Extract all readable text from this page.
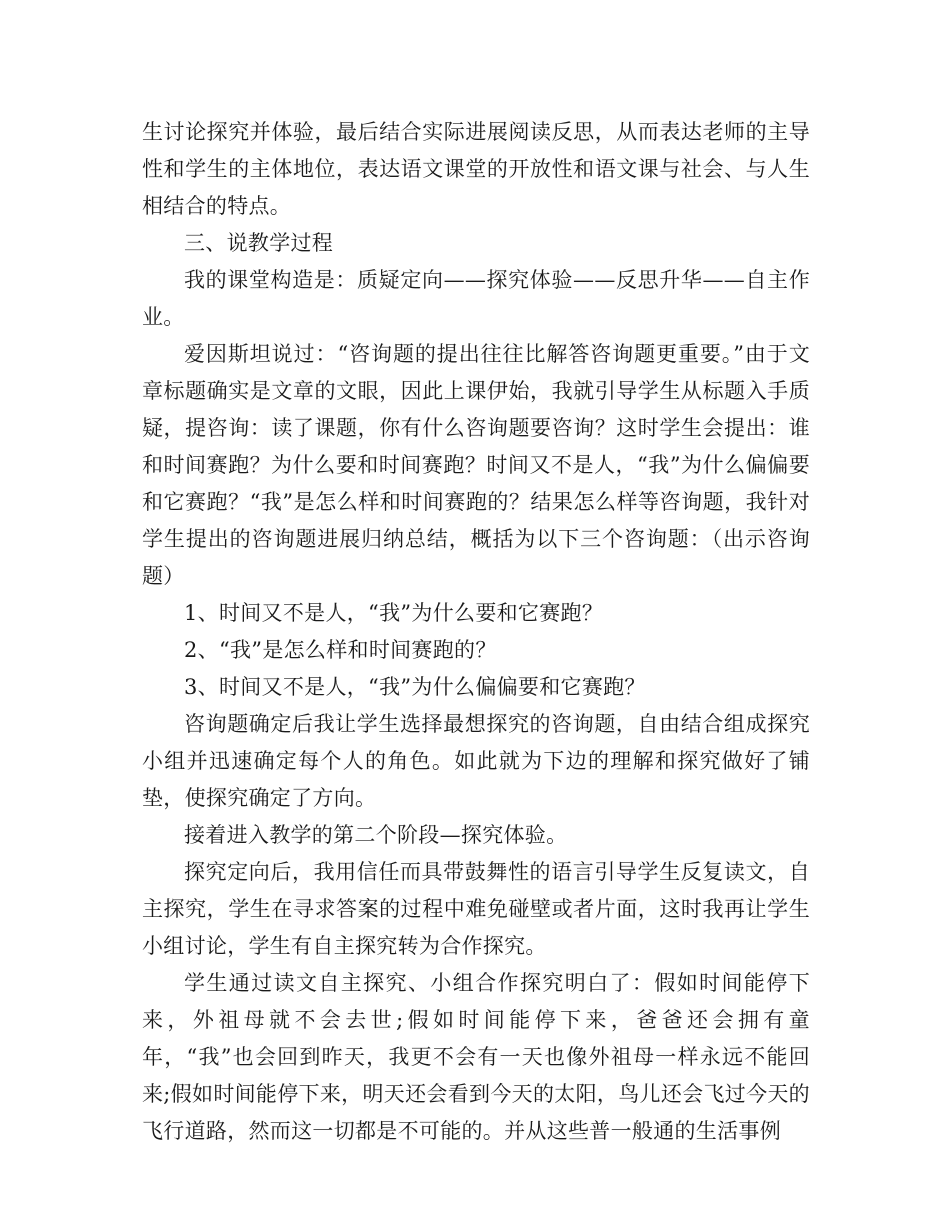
生讨论探究并体验，最后结合实际进展阅读反思，从而表达老师的主导性和学生的主体地位，表达语文课堂的开放性和语文课与社会、与人生相结合的特点。

三、说教学过程

我的课堂构造是：质疑定向——探究体验——反思升华——自主作业。

爱因斯坦说过：“咨询题的提出往往比解答咨询题更重要。”由于文章标题确实是文章的文眼，因此上课伊始，我就引导学生从标题入手质疑，提咨询：读了课题，你有什么咨询题要咨询？这时学生会提出：谁和时间赛跑？为什么要和时间赛跑？时间又不是人，“我”为什么偏偏要和它赛跑？“我”是怎么样和时间赛跑的？结果怎么样等咨询题，我针对学生提出的咨询题进展归纳总结，概括为以下三个咨询题：（出示咨询题）

1、时间又不是人，“我”为什么要和它赛跑？

2、“我”是怎么样和时间赛跑的？

3、时间又不是人，“我”为什么偏偏要和它赛跑？

咨询题确定后我让学生选择最想探究的咨询题，自由结合组成探究小组并迅速确定每个人的角色。如此就为下边的理解和探究做好了铺垫，使探究确定了方向。

接着进入教学的第二个阶段—探究体验。

探究定向后，我用信任而具带鼓舞性的语言引导学生反复读文，自主探究，学生在寻求答案的过程中难免碰壁或者片面，这时我再让学生小组讨论，学生有自主探究转为合作探究。

学生通过读文自主探究、小组合作探究明白了：假如时间能停下来，外祖母就不会去世;假如时间能停下来，爸爸还会拥有童年，“我”也会回到昨天，我更不会有一天也像外祖母一样永远不能回来;假如时间能停下来，明天还会看到今天的太阳，鸟儿还会飞过今天的飞行道路，然而这一切都是不可能的。并从这些普一般通的生活事例
